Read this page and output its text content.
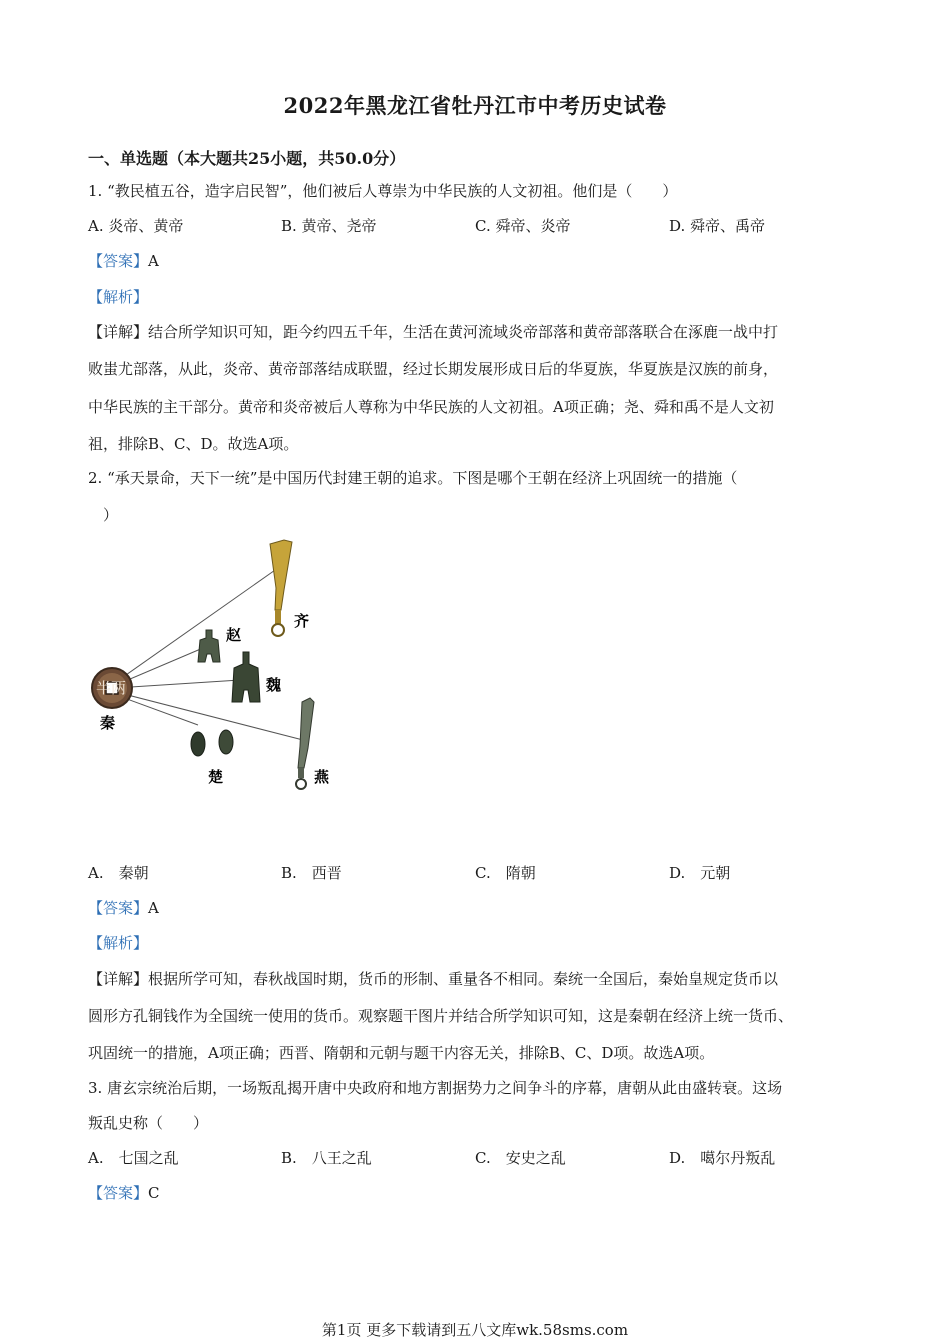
2022年黑龙江省牡丹江市中考历史试卷
一、单选题（本大题共25小题，共50.0分）
1. “教民植五谷，造字启民智”，他们被后人尊崇为中华民族的人文初祖。他们是（　　）
A. 炎帝、黄帝	B. 黄帝、尧帝	C. 舜帝、炎帝	D. 舜帝、禹帝
【答案】A
【解析】
【详解】结合所学知识可知，距今约四五千年，生活在黄河流域炎帝部落和黄帝部落联合在涿鹿一战中打
败蚩尤部落，从此，炎帝、黄帝部落结成联盟，经过长期发展形成日后的华夏族，华夏族是汉族的前身，
中华民族的主干部分。黄帝和炎帝被后人尊称为中华民族的人文初祖。A项正确；尧、舜和禹不是人文初
祖，排除B、C、D。故选A项。
2. “承天景命，天下一统”是中国历代封建王朝的追求。下图是哪个王朝在经济上巩固统一的措施（
　）
半两
秦
齐
赵
魏
燕
楚
A.　秦朝	B.　西晋	C.　隋朝	D.　元朝
【答案】A
【解析】
【详解】根据所学可知，春秋战国时期，货币的形制、重量各不相同。秦统一全国后，秦始皇规定货币以
圆形方孔铜钱作为全国统一使用的货币。观察题干图片并结合所学知识可知，这是秦朝在经济上统一货币、
巩固统一的措施，A项正确；西晋、隋朝和元朝与题干内容无关，排除B、C、D项。故选A项。
3. 唐玄宗统治后期，一场叛乱揭开唐中央政府和地方割据势力之间争斗的序幕，唐朝从此由盛转衰。这场
叛乱史称（　　）
A.　七国之乱	B.　八王之乱	C.　安史之乱	D.　噶尔丹叛乱
【答案】C
第1页 更多下载请到五八文库wk.58sms.com
